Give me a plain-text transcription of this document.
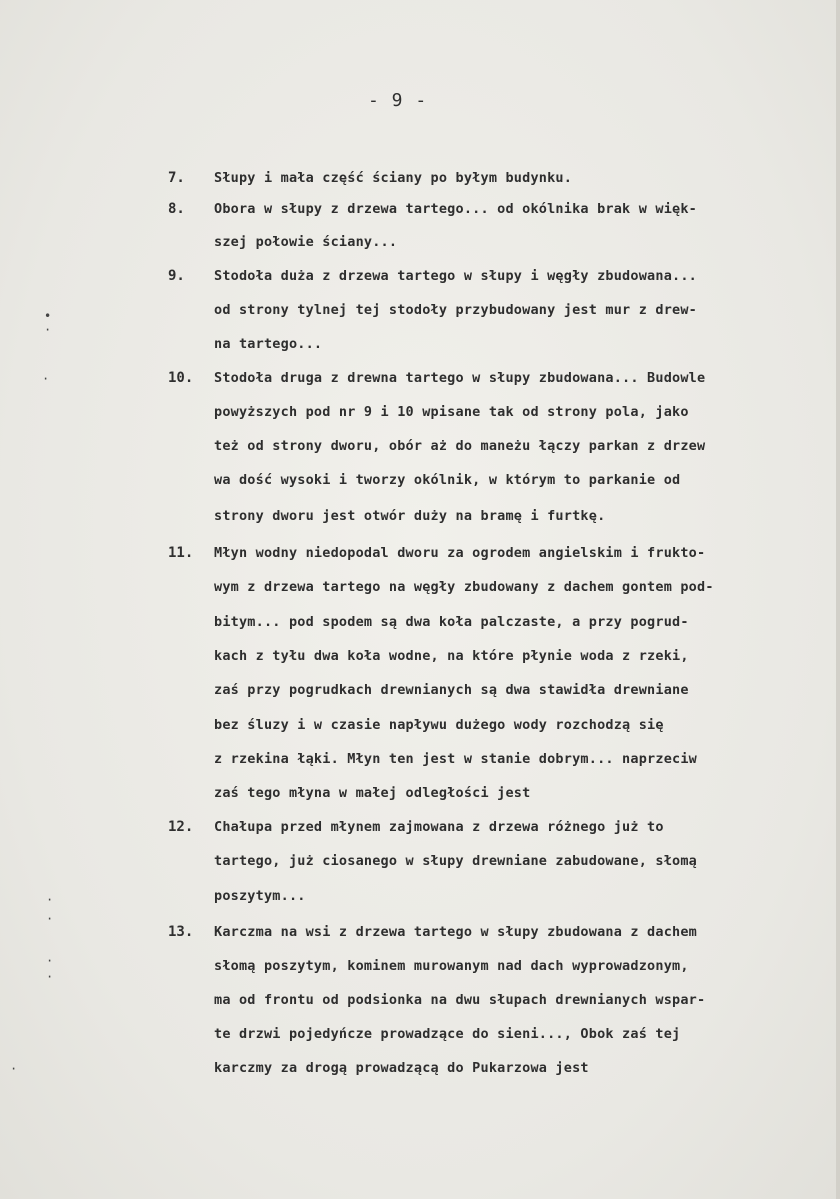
- 9 -
7.	Słupy i mała część ściany po byłym budynku.
8.	Obora w słupy z drzewa tartego... od okólnika brak w więk-
szej połowie ściany...
9.	Stodoła duża z drzewa tartego w słupy i węgły zbudowana...
od strony tylnej tej stodoły przybudowany jest mur z drew-
na tartego...
10.	Stodoła druga z drewna tartego w słupy zbudowana... Budowle
powyższych pod nr 9 i 10 wpisane tak od strony pola, jako
też od strony dworu, obór aż do maneżu łączy parkan z drzew
wa dość wysoki i tworzy okólnik, w którym to parkanie od
strony dworu jest otwór duży na bramę i furtkę.
11.	Młyn wodny niedopodal dworu za ogrodem angielskim i frukto-
wym z drzewa tartego na węgły zbudowany z dachem gontem pod-
bitym... pod spodem są dwa koła palczaste, a przy pogrud-
kach z tyłu dwa koła wodne, na które płynie woda z rzeki,
zaś przy pogrudkach drewnianych są dwa stawidła drewniane
bez śluzy i w czasie napływu dużego wody rozchodzą się
z rzekina łąki. Młyn ten jest w stanie dobrym... naprzeciw
zaś tego młyna w małej odległości jest
12.	Chałupa przed młynem zajmowana z drzewa różnego już to
tartego, już ciosanego w słupy drewniane zabudowane, słomą
poszytym...
13.	Karczma na wsi z drzewa tartego w słupy zbudowana z dachem
słomą poszytym, kominem murowanym nad dach wyprowadzonym,
ma od frontu od podsionka na dwu słupach drewnianych wspar-
te drzwi pojedyńcze prowadzące do sieni..., Obok zaś tej
karczmy za drogą prowadzącą do Pukarzowa jest
•
·
·
·
·
·
·
·
